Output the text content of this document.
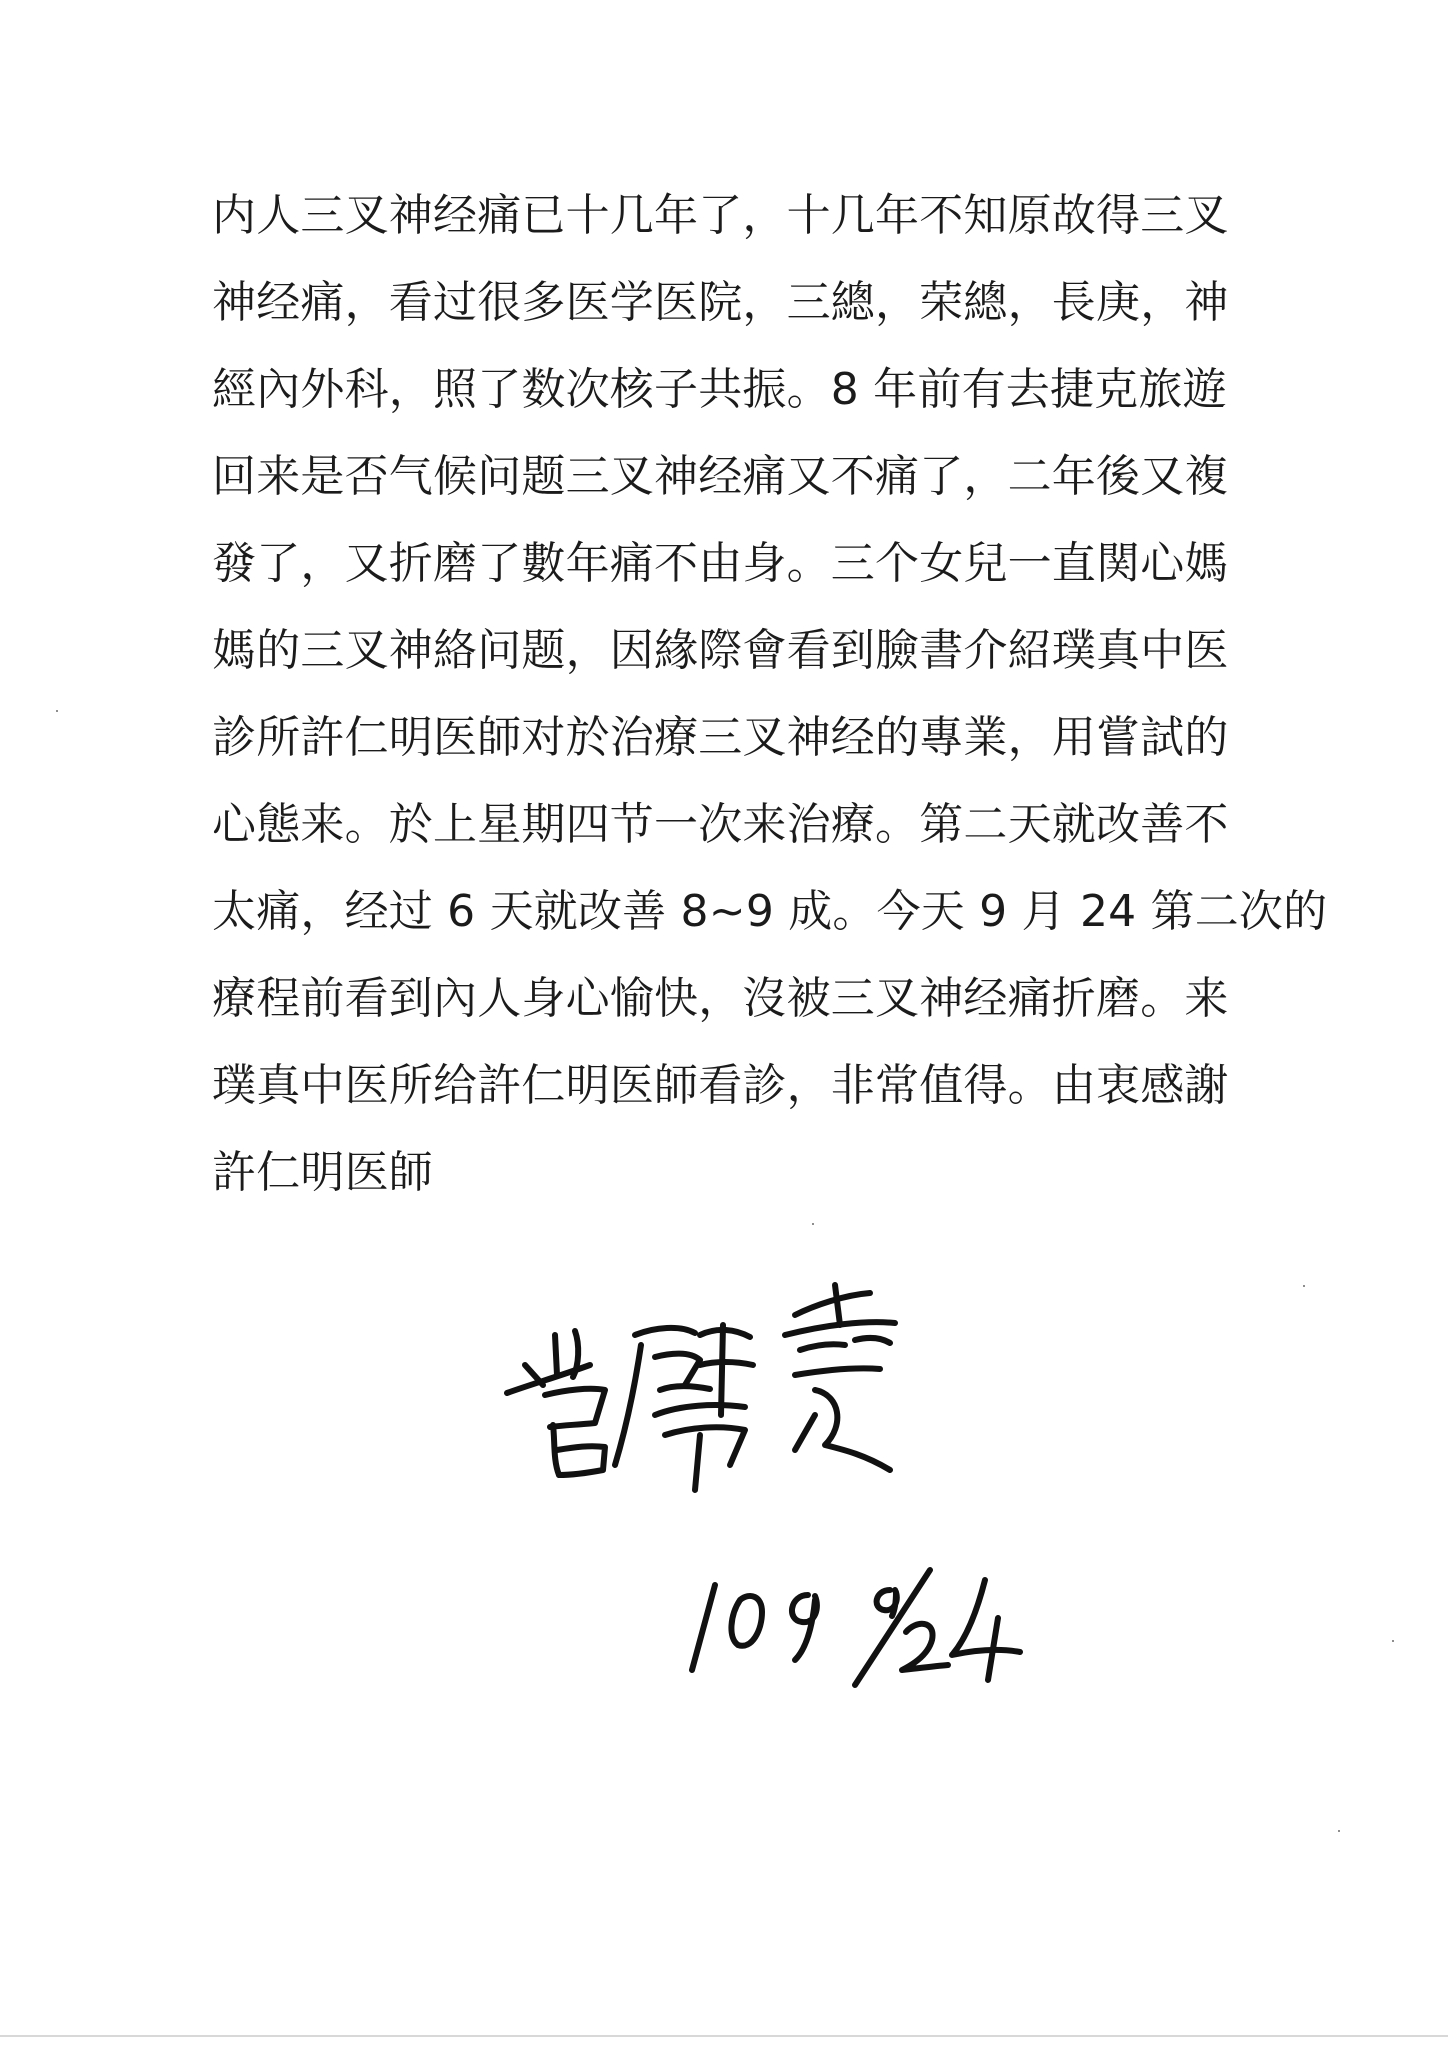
内人三叉神经痛已十几年了，十几年不知原故得三叉
神经痛，看过很多医学医院，三總，荣總，長庚，神
經內外科，照了数次核子共振。8 年前有去捷克旅遊
回来是否气候问题三叉神经痛又不痛了，二年後又複
發了，又折磨了數年痛不由身。三个女兒一直関心媽
媽的三叉神絡问题，因緣際會看到臉書介紹璞真中医
診所許仁明医師对於治療三叉神经的專業，用嘗試的
心態来。於上星期四节一次来治療。第二天就改善不
太痛，经过 6 天就改善 8~9 成。今天 9 月 24 第二次的
療程前看到內人身心愉快，沒被三叉神经痛折磨。来
璞真中医所给許仁明医師看診，非常值得。由衷感謝
許仁明医師
